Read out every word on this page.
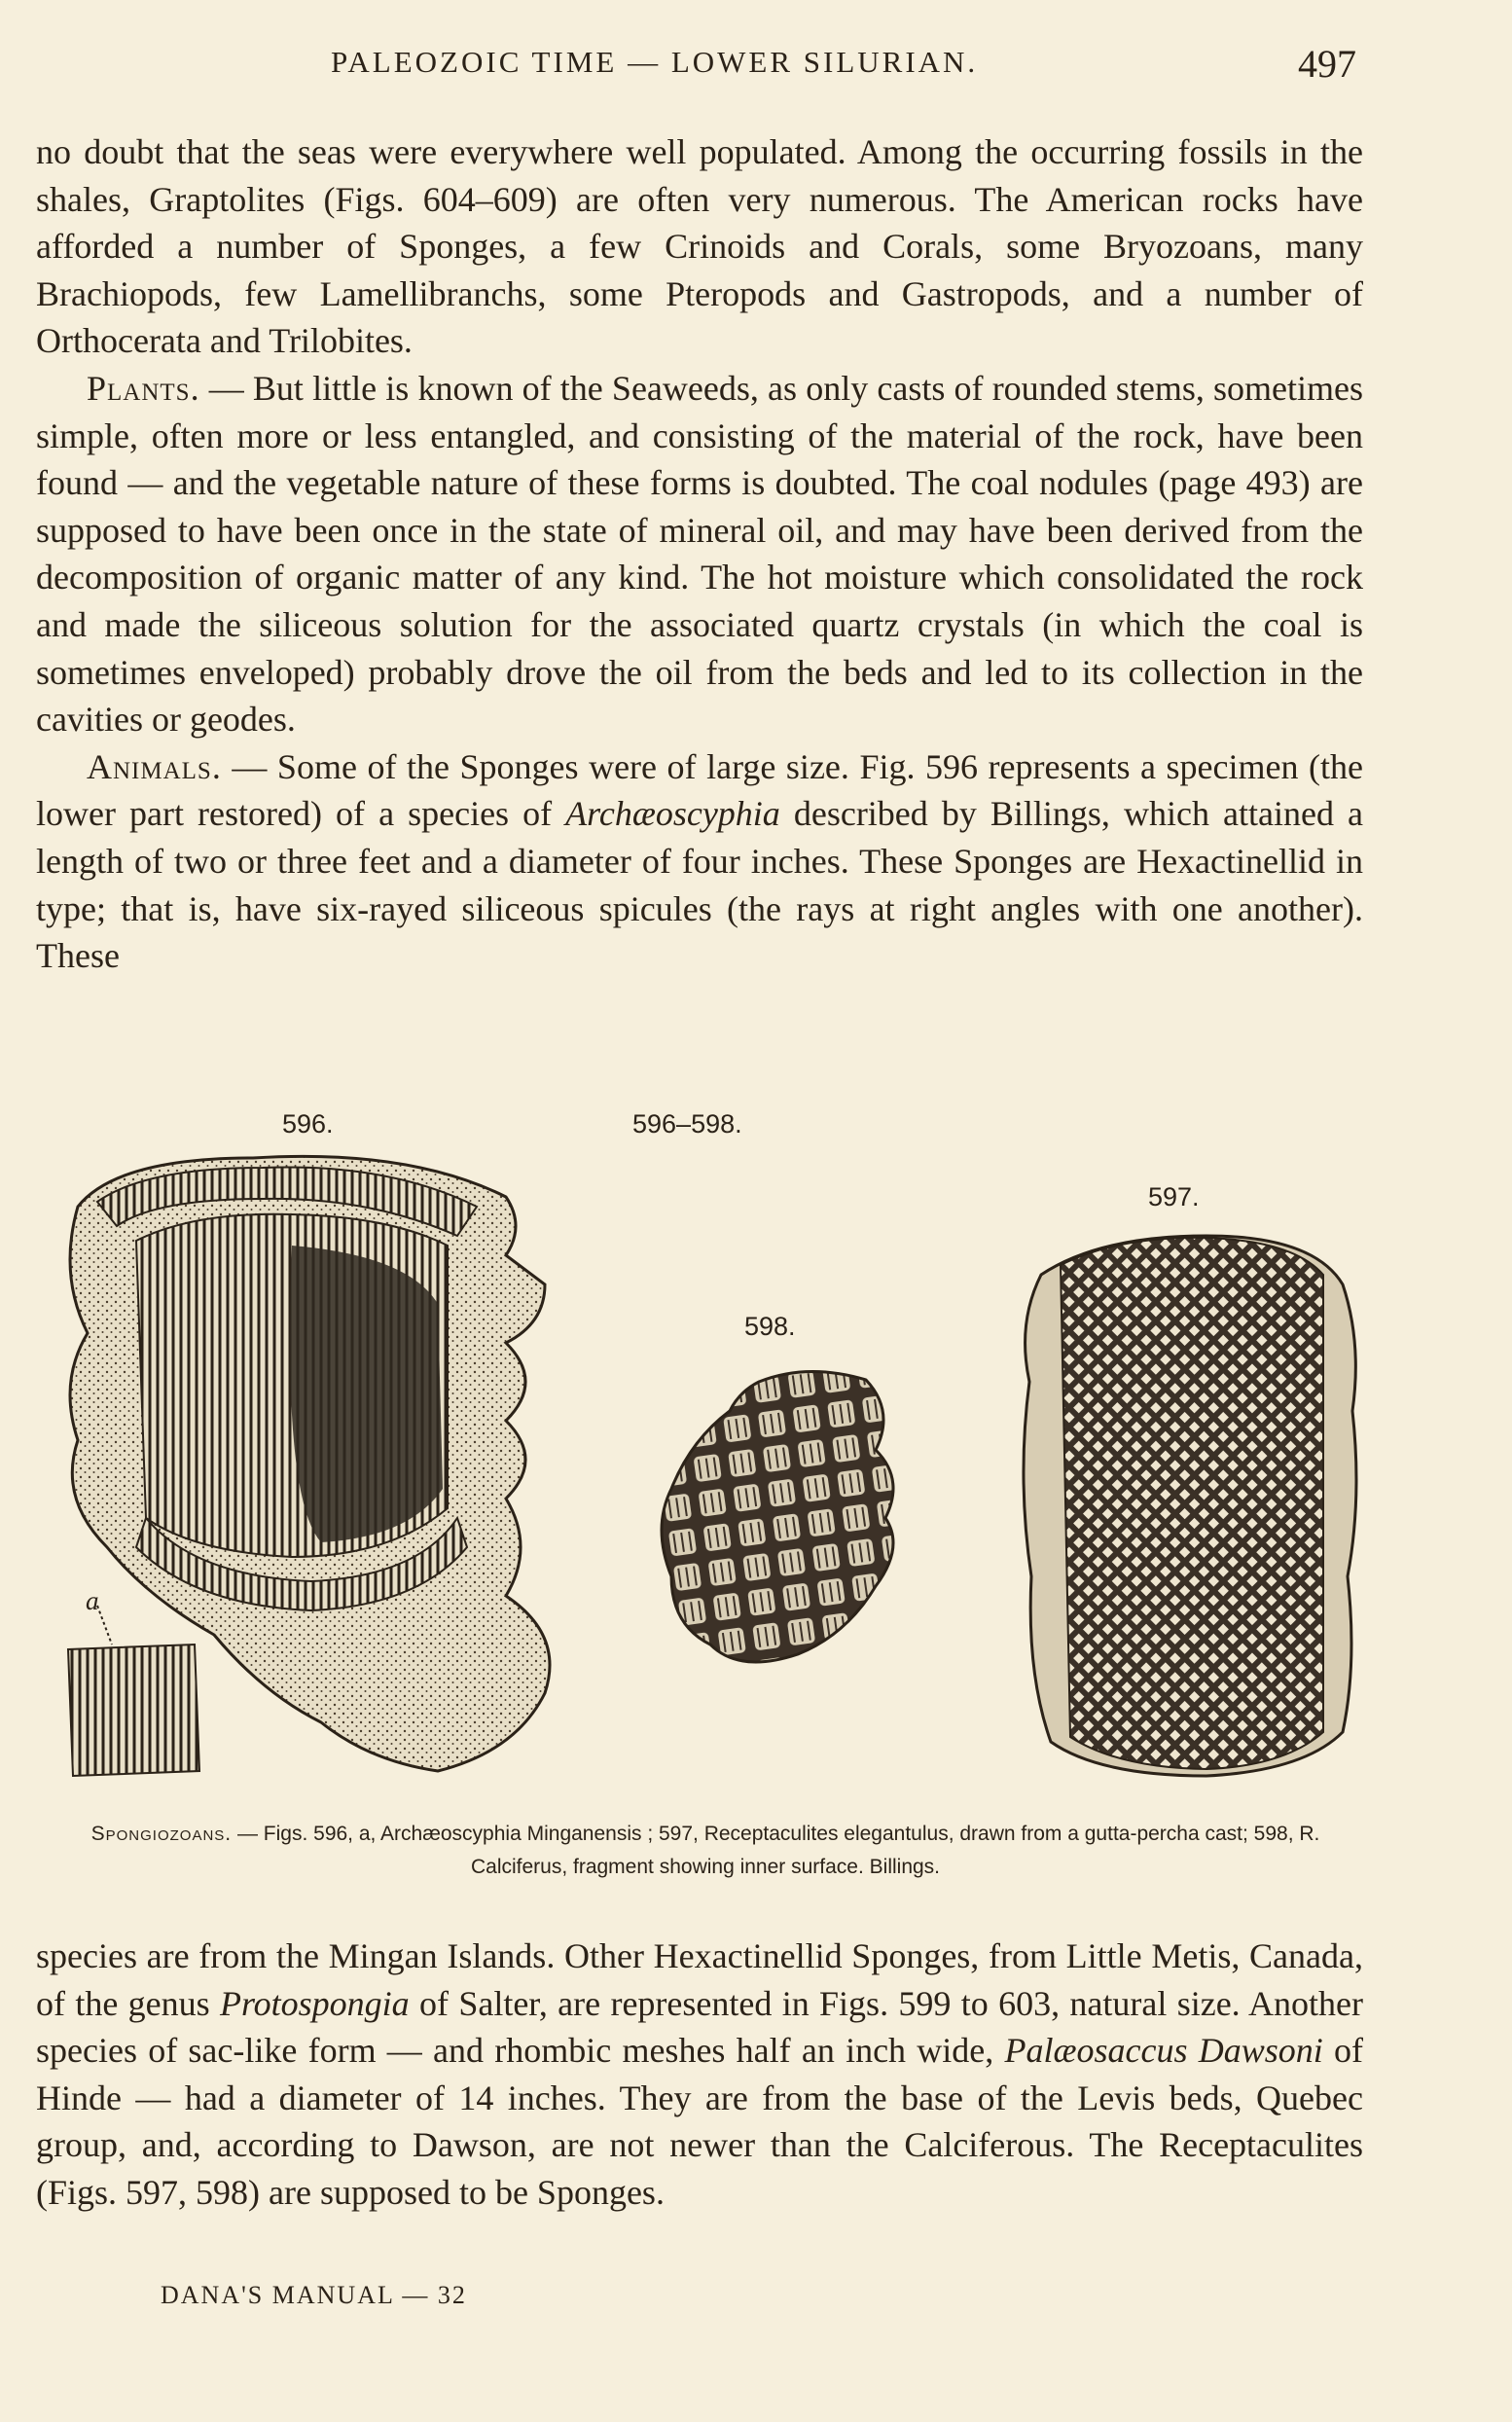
PALEOZOIC TIME — LOWER SILURIAN.	497

no doubt that the seas were everywhere well populated. Among the occurring fossils in the shales, Graptolites (Figs. 604–609) are often very numerous. The American rocks have afforded a number of Sponges, a few Crinoids and Corals, some Bryozoans, many Brachiopods, few Lamellibranchs, some Pteropods and Gastropods, and a number of Orthocerata and Trilobites.

Plants. — But little is known of the Seaweeds, as only casts of rounded stems, sometimes simple, often more or less entangled, and consisting of the material of the rock, have been found — and the vegetable nature of these forms is doubted. The coal nodules (page 493) are supposed to have been once in the state of mineral oil, and may have been derived from the decomposition of organic matter of any kind. The hot moisture which consolidated the rock and made the siliceous solution for the associated quartz crystals (in which the coal is sometimes enveloped) probably drove the oil from the beds and led to its collection in the cavities or geodes.

Animals. — Some of the Sponges were of large size. Fig. 596 represents a specimen (the lower part restored) of a species of Archæoscyphia described by Billings, which attained a length of two or three feet and a diameter of four inches. These Sponges are Hexactinellid in type; that is, have six-rayed siliceous spicules (the rays at right angles with one another). These

596.	596–598.
597.
598.
a
Spongiozoans. — Figs. 596, a, Archæoscyphia Minganensis ; 597, Receptaculites elegantulus, drawn from a gutta-percha cast; 598, R. Calciferus, fragment showing inner surface. Billings.

species are from the Mingan Islands. Other Hexactinellid Sponges, from Little Metis, Canada, of the genus Protospongia of Salter, are represented in Figs. 599 to 603, natural size. Another species of sac-like form — and rhombic meshes half an inch wide, Palæosaccus Dawsoni of Hinde — had a diameter of 14 inches. They are from the base of the Levis beds, Quebec group, and, according to Dawson, are not newer than the Calciferous. The Receptaculites (Figs. 597, 598) are supposed to be Sponges.

DANA'S MANUAL — 32
